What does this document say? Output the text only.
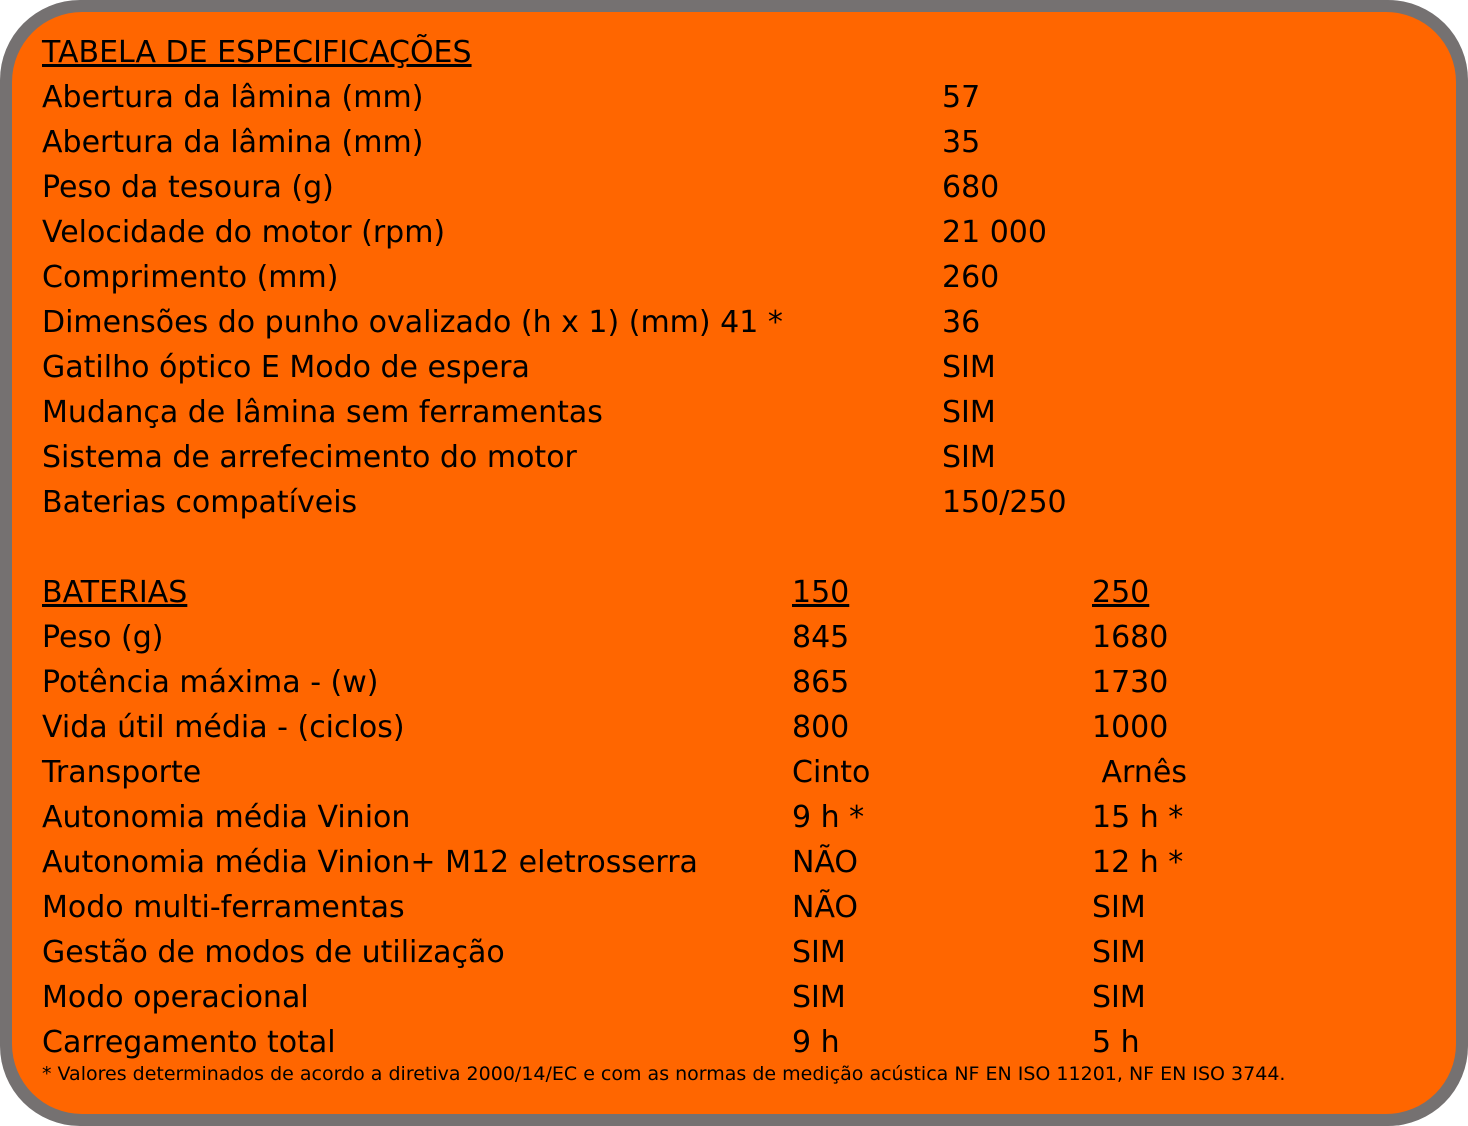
TABELA DE ESPECIFICAÇÕES
Abertura da lâmina (mm)	57
Abertura da lâmina (mm)	35
Peso da tesoura (g)	680
Velocidade do motor (rpm)	21 000
Comprimento (mm)	260
Dimensões do punho ovalizado (h x 1) (mm) 41 *	36
Gatilho óptico E Modo de espera	SIM
Mudança de lâmina sem ferramentas	SIM
Sistema de arrefecimento do motor	SIM
Baterias compatíveis	150/250
BATERIAS	150	250
Peso (g)	845	1680
Potência máxima - (w)	865	1730
Vida útil média - (ciclos)	800	1000
Transporte	Cinto	Arnês
Autonomia média Vinion	9 h *	15 h *
Autonomia média Vinion+ M12 eletrosserra	NÃO	12 h *
Modo multi-ferramentas	NÃO	SIM
Gestão de modos de utilização	SIM	SIM
Modo operacional	SIM	SIM
Carregamento total	9 h	5 h
* Valores determinados de acordo a diretiva 2000/14/EC e com as normas de medição acústica NF EN ISO 11201, NF EN ISO 3744.
